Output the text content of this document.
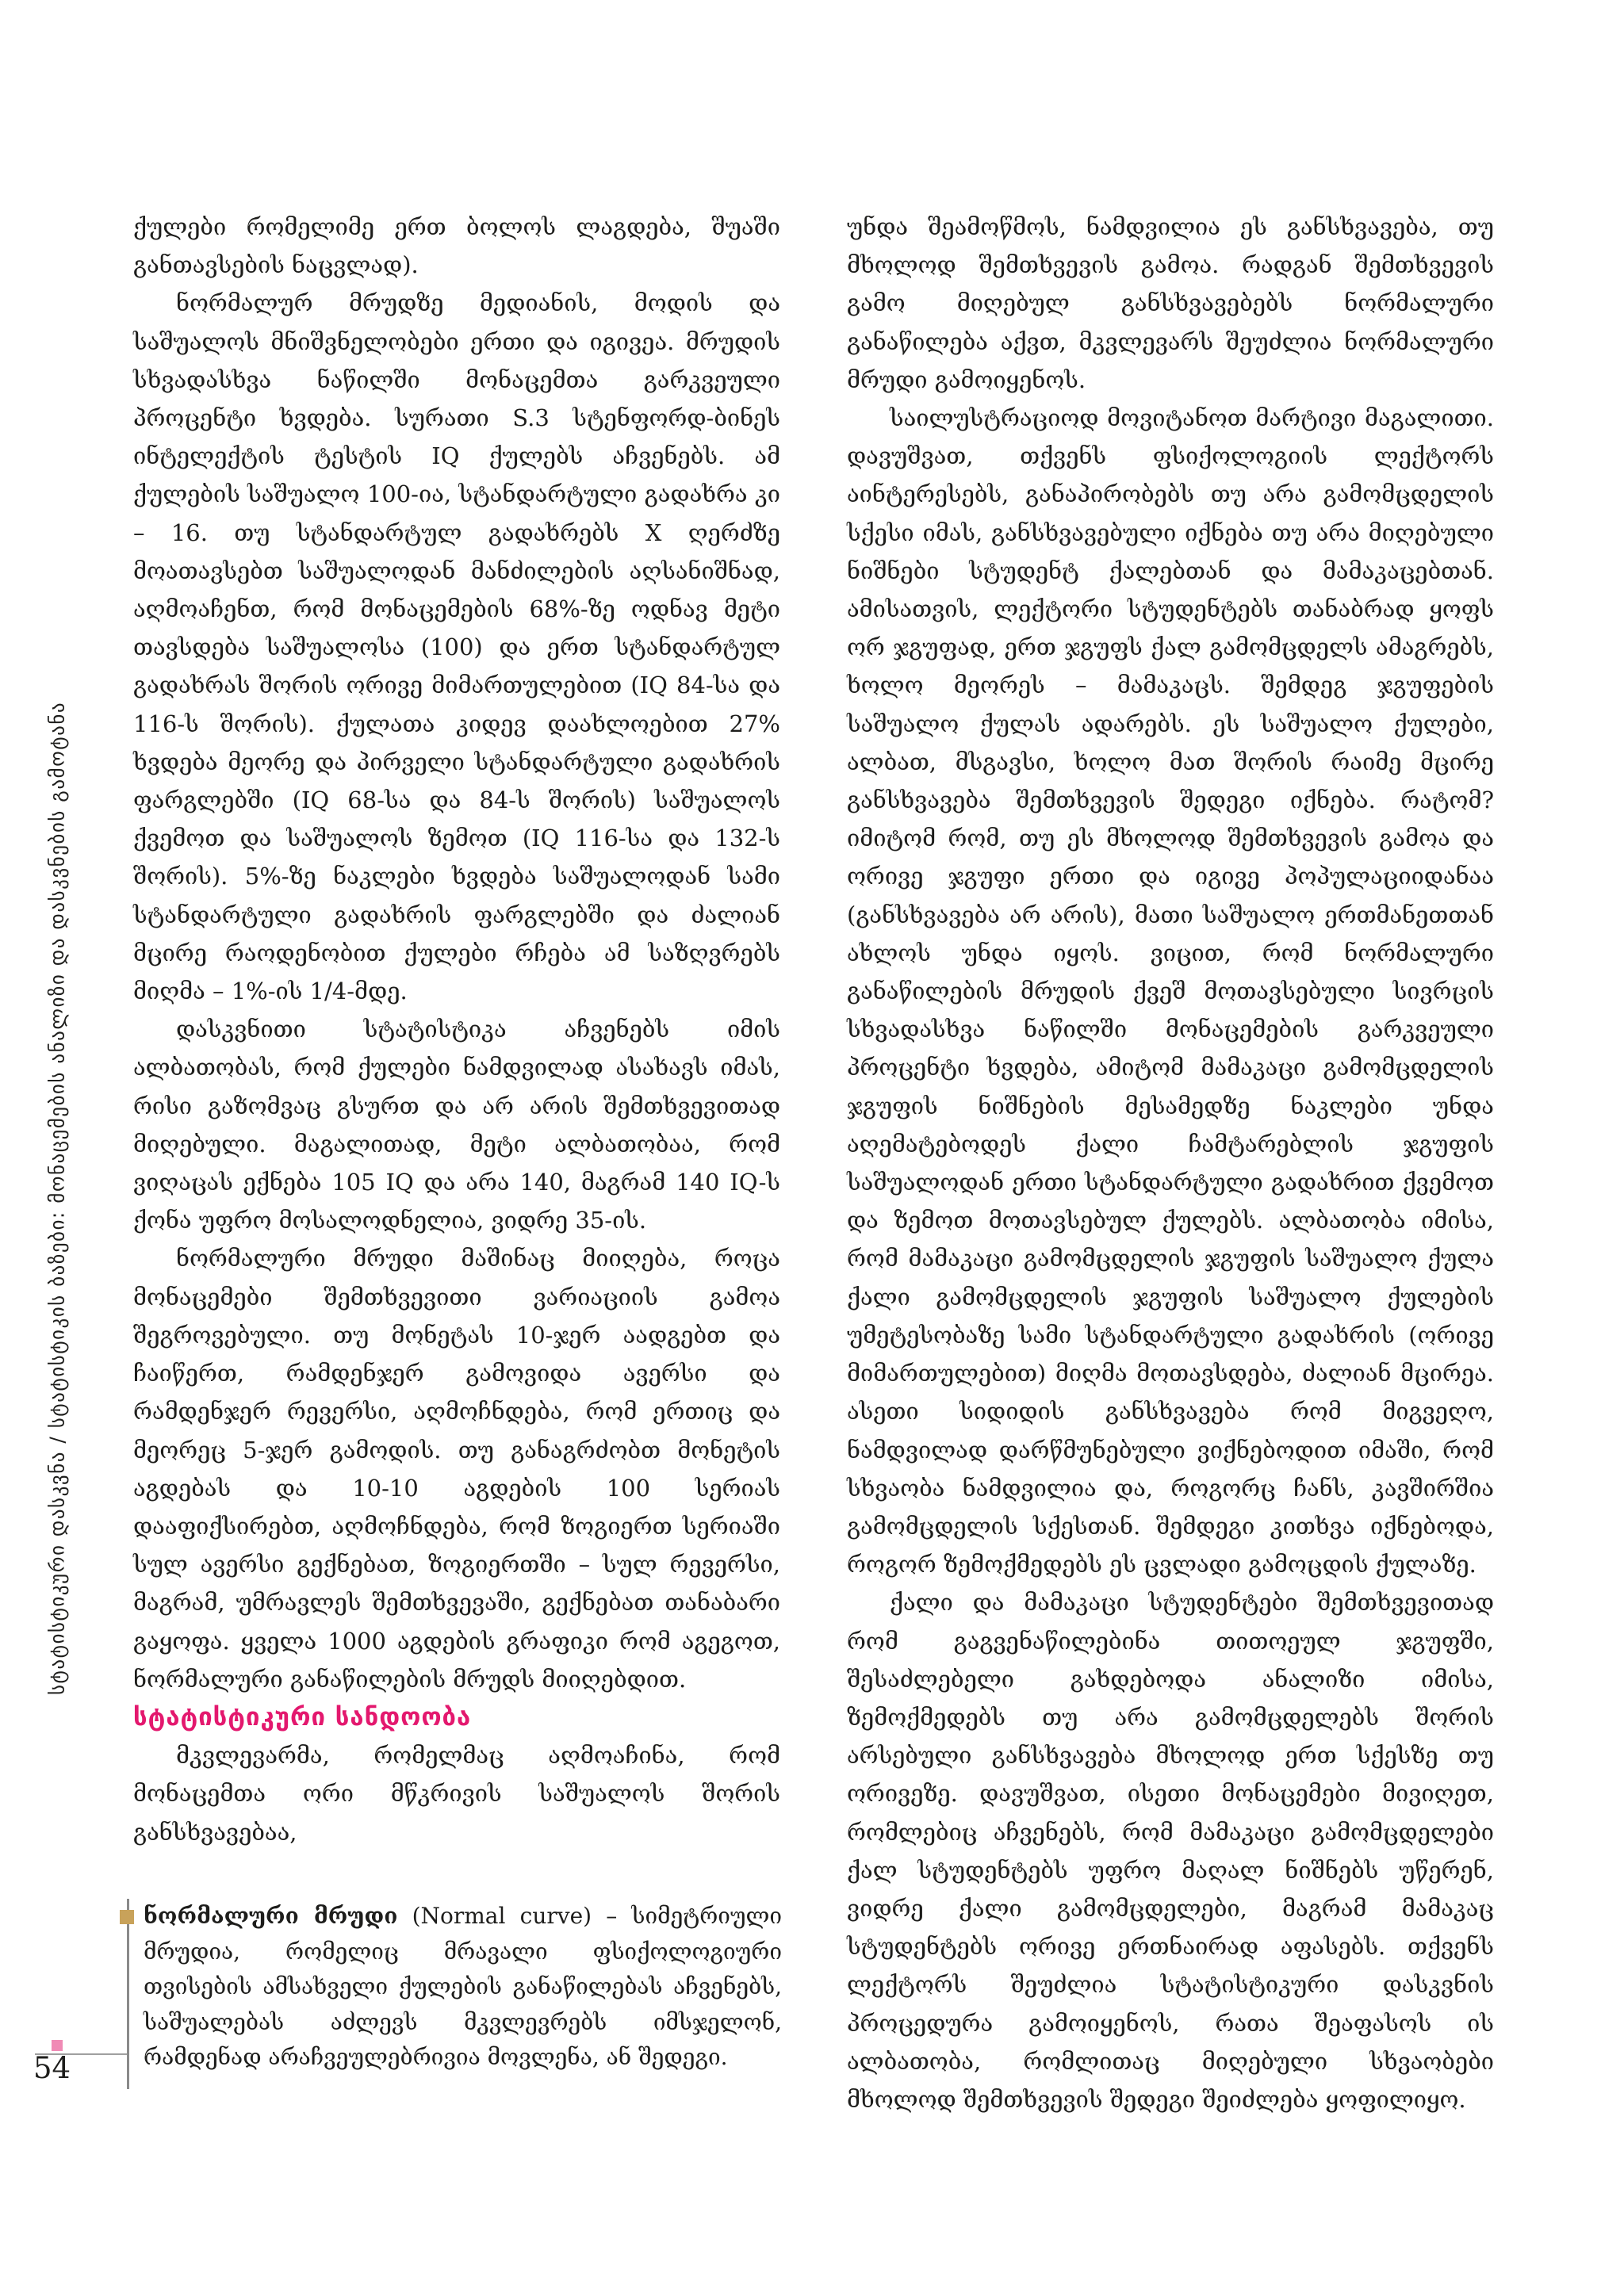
სტატისტიკური დასკვნა / სტატისტიკის ბაზები: მონაცემების ანალიზი და დასკვნების გამოტანა
54

ქულები რომელიმე ერთ ბოლოს ლაგდება, შუაში განთავსების ნაცვლად).

ნორმალურ მრუდზე მედიანის, მოდის და საშუალოს მნიშვნელობები ერთი და იგივეა. მრუდის სხვადასხვა ნაწილში მონაცემთა გარკვეული პროცენტი ხვდება. სურათი S.3 სტენფორდ-ბინეს ინტელექტის ტესტის IQ ქულებს აჩვენებს. ამ ქულების საშუალო 100-ია, სტანდარტული გადახრა კი – 16. თუ სტანდარტულ გადახრებს X ღერძზე მოათავსებთ საშუალოდან მანძილების აღსანიშნად, აღმოაჩენთ, რომ მონაცემების 68%-ზე ოდნავ მეტი თავსდება საშუალოსა (100) და ერთ სტანდარტულ გადახრას შორის ორივე მიმართულებით (IQ 84-სა და 116-ს შორის). ქულათა კიდევ დაახლოებით 27% ხვდება მეორე და პირველი სტანდარტული გადახრის ფარგლებში (IQ 68-სა და 84-ს შორის) საშუალოს ქვემოთ და საშუალოს ზემოთ (IQ 116-სა და 132-ს შორის). 5%-ზე ნაკლები ხვდება საშუალოდან სამი სტანდარტული გადახრის ფარგლებში და ძალიან მცირე რაოდენობით ქულები რჩება ამ საზღვრებს მიღმა – 1%-ის 1/4-მდე.

დასკვნითი სტატისტიკა აჩვენებს იმის ალბათობას, რომ ქულები ნამდვილად ასახავს იმას, რისი გაზომვაც გსურთ და არ არის შემთხვევითად მიღებული. მაგალითად, მეტი ალბათობაა, რომ ვიღაცას ექნება 105 IQ და არა 140, მაგრამ 140 IQ-ს ქონა უფრო მოსალოდნელია, ვიდრე 35-ის.

ნორმალური მრუდი მაშინაც მიიღება, როცა მონაცემები შემთხვევითი ვარიაციის გამოა შეგროვებული. თუ მონეტას 10-ჯერ აადგებთ და ჩაიწერთ, რამდენჯერ გამოვიდა ავერსი და რამდენჯერ რევერსი, აღმოჩნდება, რომ ერთიც და მეორეც 5-ჯერ გამოდის. თუ განაგრძობთ მონეტის აგდებას და 10-10 აგდების 100 სერიას დააფიქსირებთ, აღმოჩნდება, რომ ზოგიერთ სერიაში სულ ავერსი გექნებათ, ზოგიერთში – სულ რევერსი, მაგრამ, უმრავლეს შემთხვევაში, გექნებათ თანაბარი გაყოფა. ყველა 1000 აგდების გრაფიკი რომ აგეგოთ, ნორმალური განაწილების მრუდს მიიღებდით.

სტატისტიკური სანდოობა

მკვლევარმა, რომელმაც აღმოაჩინა, რომ მონაცემთა ორი მწკრივის საშუალოს შორის განსხვავებაა,

ნორმალური მრუდი (Normal curve) – სიმეტრიული მრუდია, რომელიც მრავალი ფსიქოლოგიური თვისების ამსახველი ქულების განაწილებას აჩვენებს, საშუალებას აძლევს მკვლევრებს იმსჯელონ, რამდენად არაჩვეულებრივია მოვლენა, ან შედეგი.

უნდა შეამოწმოს, ნამდვილია ეს განსხვავება, თუ მხოლოდ შემთხვევის გამოა. რადგან შემთხვევის გამო მიღებულ განსხვავებებს ნორმალური განაწილება აქვთ, მკვლევარს შეუძლია ნორმალური მრუდი გამოიყენოს.

საილუსტრაციოდ მოვიტანოთ მარტივი მაგალითი. დავუშვათ, თქვენს ფსიქოლოგიის ლექტორს აინტერესებს, განაპირობებს თუ არა გამომცდელის სქესი იმას, განსხვავებული იქნება თუ არა მიღებული ნიშნები სტუდენტ ქალებთან და მამაკაცებთან. ამისათვის, ლექტორი სტუდენტებს თანაბრად ყოფს ორ ჯგუფად, ერთ ჯგუფს ქალ გამომცდელს ამაგრებს, ხოლო მეორეს – მამაკაცს. შემდეგ ჯგუფების საშუალო ქულას ადარებს. ეს საშუალო ქულები, ალბათ, მსგავსი, ხოლო მათ შორის რაიმე მცირე განსხვავება შემთხვევის შედეგი იქნება. რატომ? იმიტომ რომ, თუ ეს მხოლოდ შემთხვევის გამოა და ორივე ჯგუფი ერთი და იგივე პოპულაციიდანაა (განსხვავება არ არის), მათი საშუალო ერთმანეთთან ახლოს უნდა იყოს. ვიცით, რომ ნორმალური განაწილების მრუდის ქვეშ მოთავსებული სივრცის სხვადასხვა ნაწილში მონაცემების გარკვეული პროცენტი ხვდება, ამიტომ მამაკაცი გამომცდელის ჯგუფის ნიშნების მესამედზე ნაკლები უნდა აღემატებოდეს ქალი ჩამტარებლის ჯგუფის საშუალოდან ერთი სტანდარტული გადახრით ქვემოთ და ზემოთ მოთავსებულ ქულებს. ალბათობა იმისა, რომ მამაკაცი გამომცდელის ჯგუფის საშუალო ქულა ქალი გამომცდელის ჯგუფის საშუალო ქულების უმეტესობაზე სამი სტანდარტული გადახრის (ორივე მიმართულებით) მიღმა მოთავსდება, ძალიან მცირეა. ასეთი სიდიდის განსხვავება რომ მიგვეღო, ნამდვილად დარწმუნებული ვიქნებოდით იმაში, რომ სხვაობა ნამდვილია და, როგორც ჩანს, კავშირშია გამომცდელის სქესთან. შემდეგი კითხვა იქნებოდა, როგორ ზემოქმედებს ეს ცვლადი გამოცდის ქულაზე.

ქალი და მამაკაცი სტუდენტები შემთხვევითად რომ გაგვენაწილებინა თითოეულ ჯგუფში, შესაძლებელი გახდებოდა ანალიზი იმისა, ზემოქმედებს თუ არა გამომცდელებს შორის არსებული განსხვავება მხოლოდ ერთ სქესზე თუ ორივეზე. დავუშვათ, ისეთი მონაცემები მივიღეთ, რომლებიც აჩვენებს, რომ მამაკაცი გამომცდელები ქალ სტუდენტებს უფრო მაღალ ნიშნებს უწერენ, ვიდრე ქალი გამომცდელები, მაგრამ მამაკაც სტუდენტებს ორივე ერთნაირად აფასებს. თქვენს ლექტორს შეუძლია სტატისტიკური დასკვნის პროცედურა გამოიყენოს, რათა შეაფასოს ის ალბათობა, რომლითაც მიღებული სხვაობები მხოლოდ შემთხვევის შედეგი შეიძლება ყოფილიყო.
